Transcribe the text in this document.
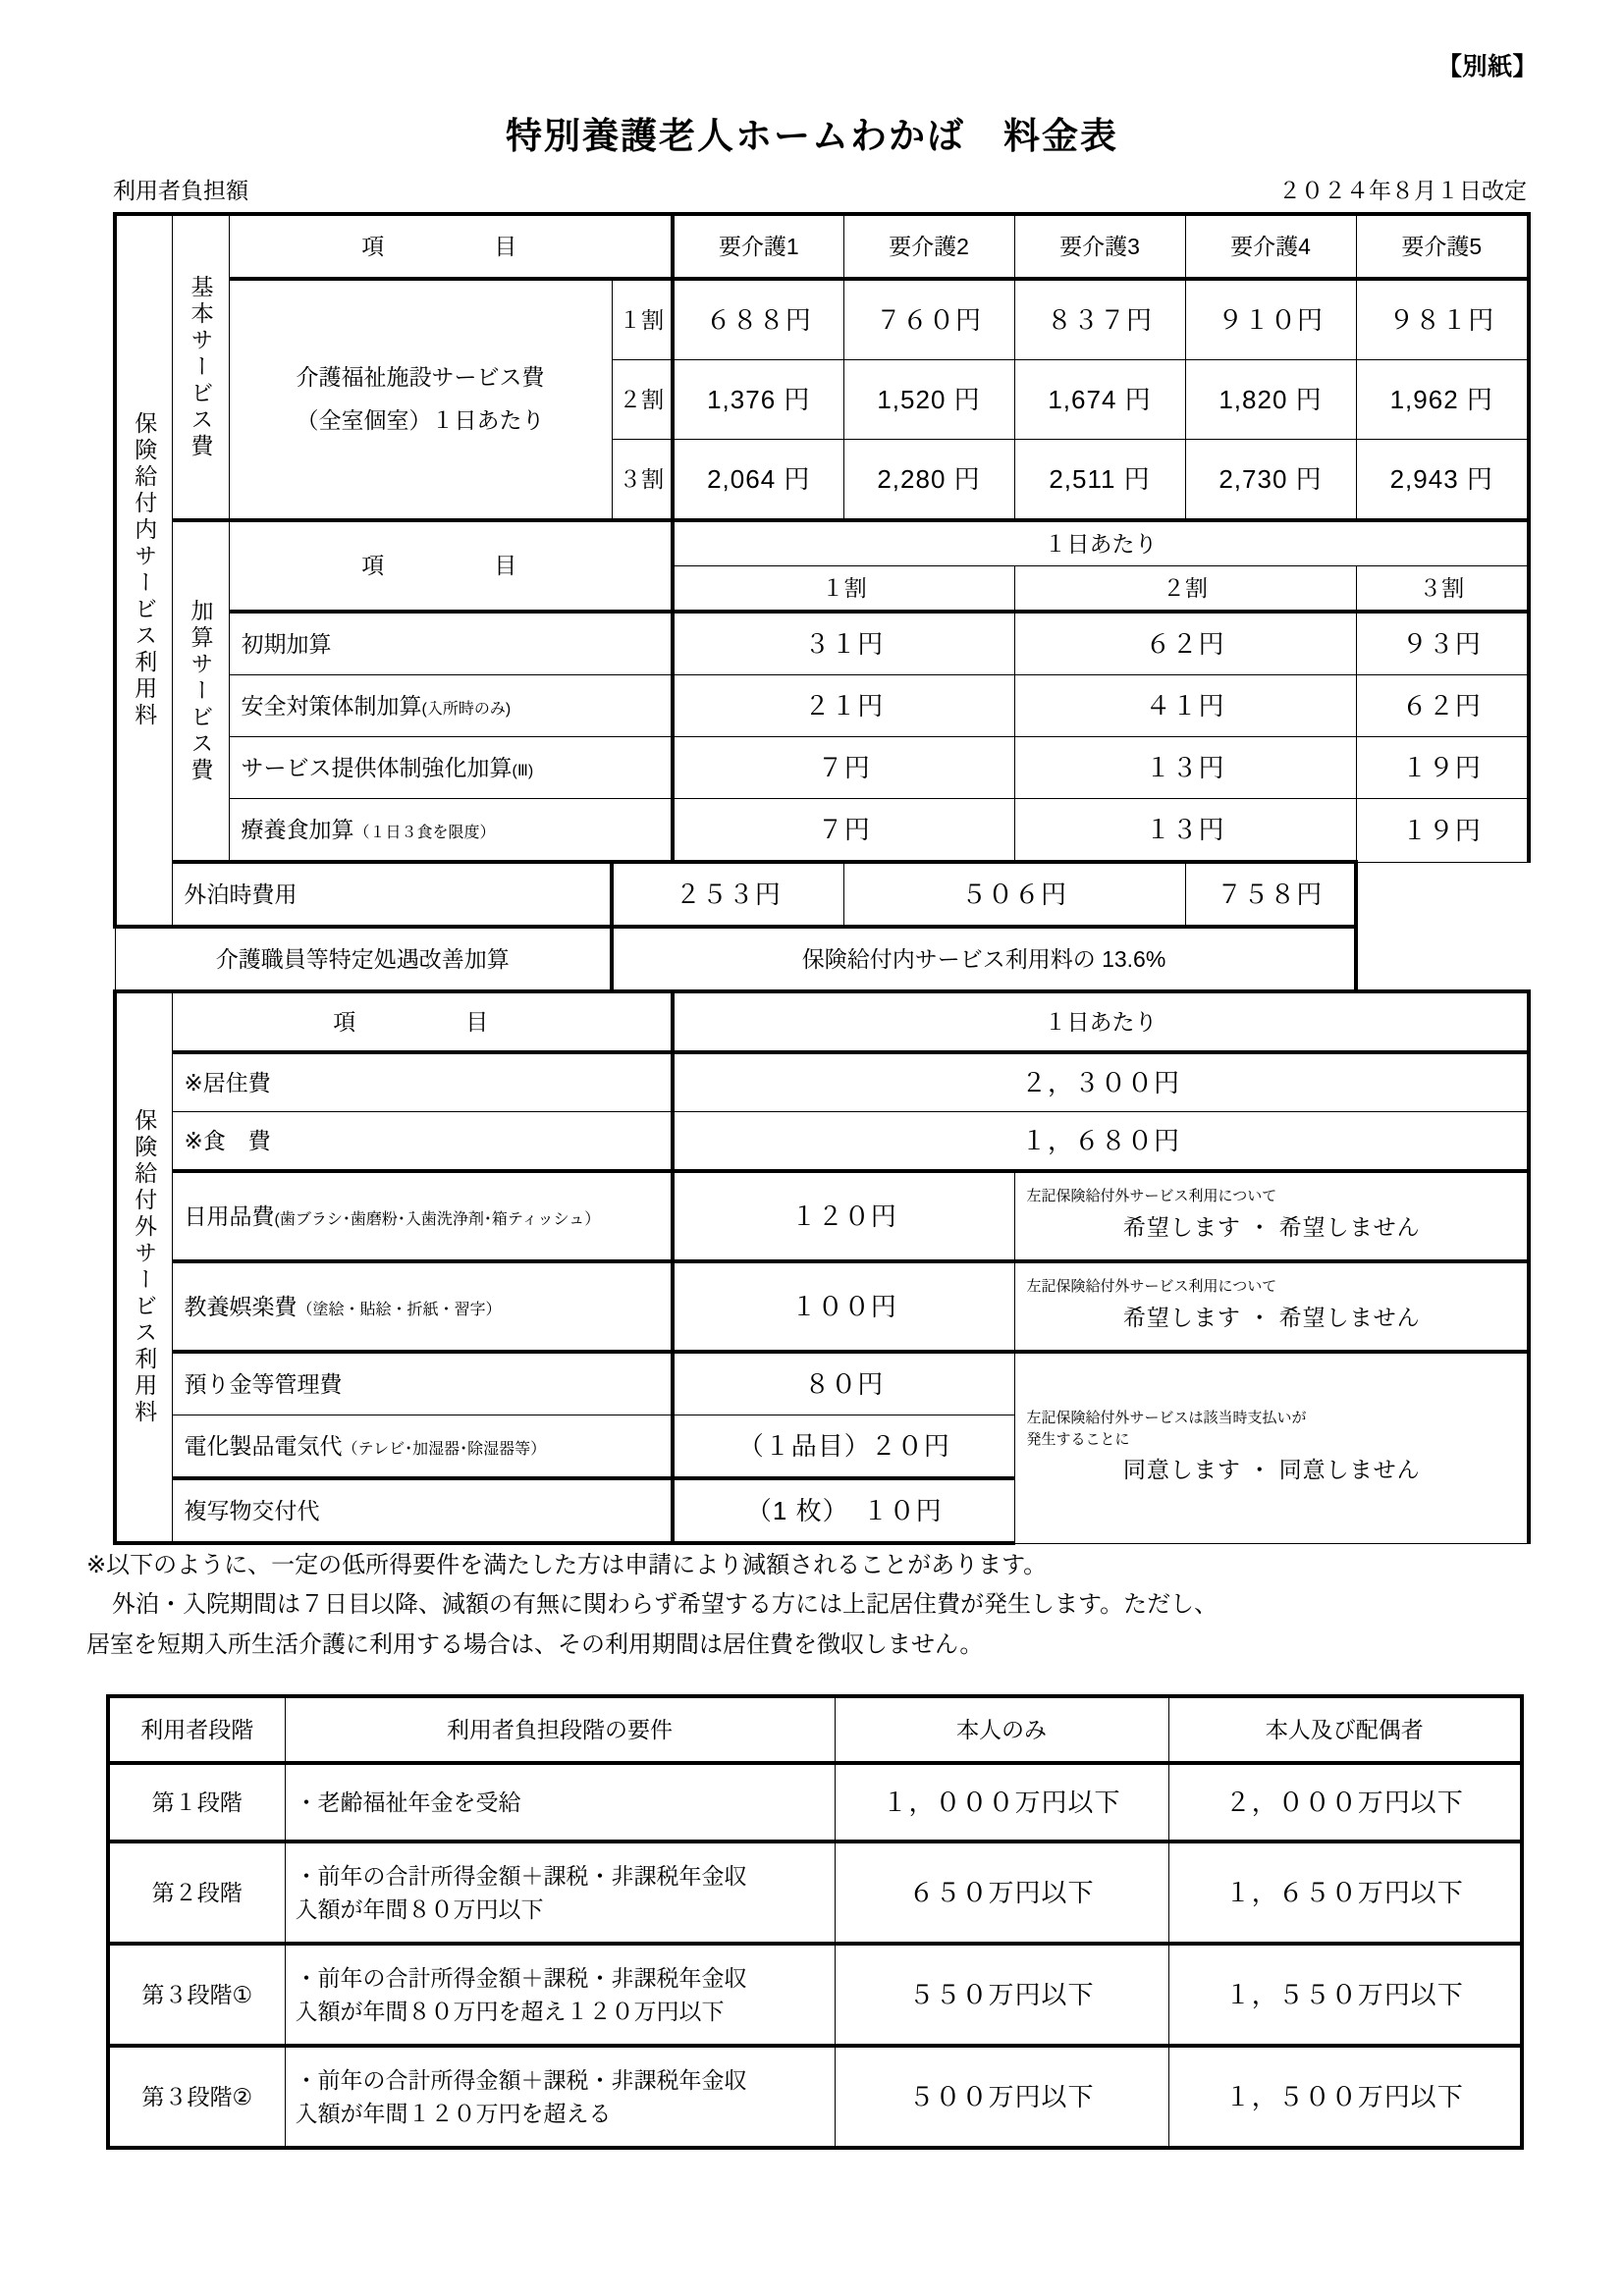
【別紙】
特別養護老人ホームわかば　料金表
利用者負担額	２０２４年８月１日改定
保険給付内サービス利用料	基本サービス費	項　　目		要介護1	要介護2	要介護3	要介護4	要介護5

		介護福祉施設サービス費
（全室個室）１日あたり	１割	６８８円	７６０円	８３７円	９１０円	９８１円
			２割	1,376 円	1,520 円	1,674 円	1,820 円	1,962 円
			３割	2,064 円	2,280 円	2,511 円	2,730 円	2,943 円

	加算サービス費	項　　目		１日あたり				
				１割		２割		３割
		初期加算		３１円		６２円		９３円
		安全対策体制加算(入所時のみ)		２１円		４１円		６２円
		サービス提供体制強化加算(Ⅲ)		７円		１３円		１９円
		療養食加算（１日３食を限度）		７円		１３円		１９円
	外泊時費用		２５３円		５０６円		７５８円	
介護職員等特定処遇改善加算			保険給付内サービス利用料の 13.6%					

保険給付外サービス利用料	項　　目			１日あたり				
	※居住費			２，３００円				
	※食　費			１，６８０円				
	日用品費(歯ブラシ･歯磨粉･入歯洗浄剤･箱ティッシュ）			１２０円		左記保険給付外サービス利用について
希望します ・ 希望しません		

	教養娯楽費（塗絵・貼絵・折紙・習字）			１００円		左記保険給付外サービス利用について
希望します ・ 希望しません		

	預り金等管理費			８０円		左記保険給付外サービスは該当時支払いが
発生することに
同意します ・ 同意しません		

	電化製品電気代（テレビ･加湿器･除湿器等）			（１品目）２０円				
	複写物交付代			（1 枚）　１０円				

※以下のように、一定の低所得要件を満たした方は申請により減額されることがあります。

外泊・入院期間は７日目以降、減額の有無に関わらず希望する方には上記居住費が発生します。ただし、

居室を短期入所生活介護に利用する場合は、その利用期間は居住費を徴収しません。

利用者段階	利用者負担段階の要件	本人のみ	本人及び配偶者
第１段階	・老齢福祉年金を受給	１，０００万円以下	２，０００万円以下
第２段階	・前年の合計所得金額＋課税・非課税年金収
入額が年間８０万円以下	６５０万円以下	１，６５０万円以下
第３段階①	・前年の合計所得金額＋課税・非課税年金収
入額が年間８０万円を超え１２０万円以下	５５０万円以下	１，５５０万円以下
第３段階②	・前年の合計所得金額＋課税・非課税年金収
入額が年間１２０万円を超える	５００万円以下	１，５００万円以下
